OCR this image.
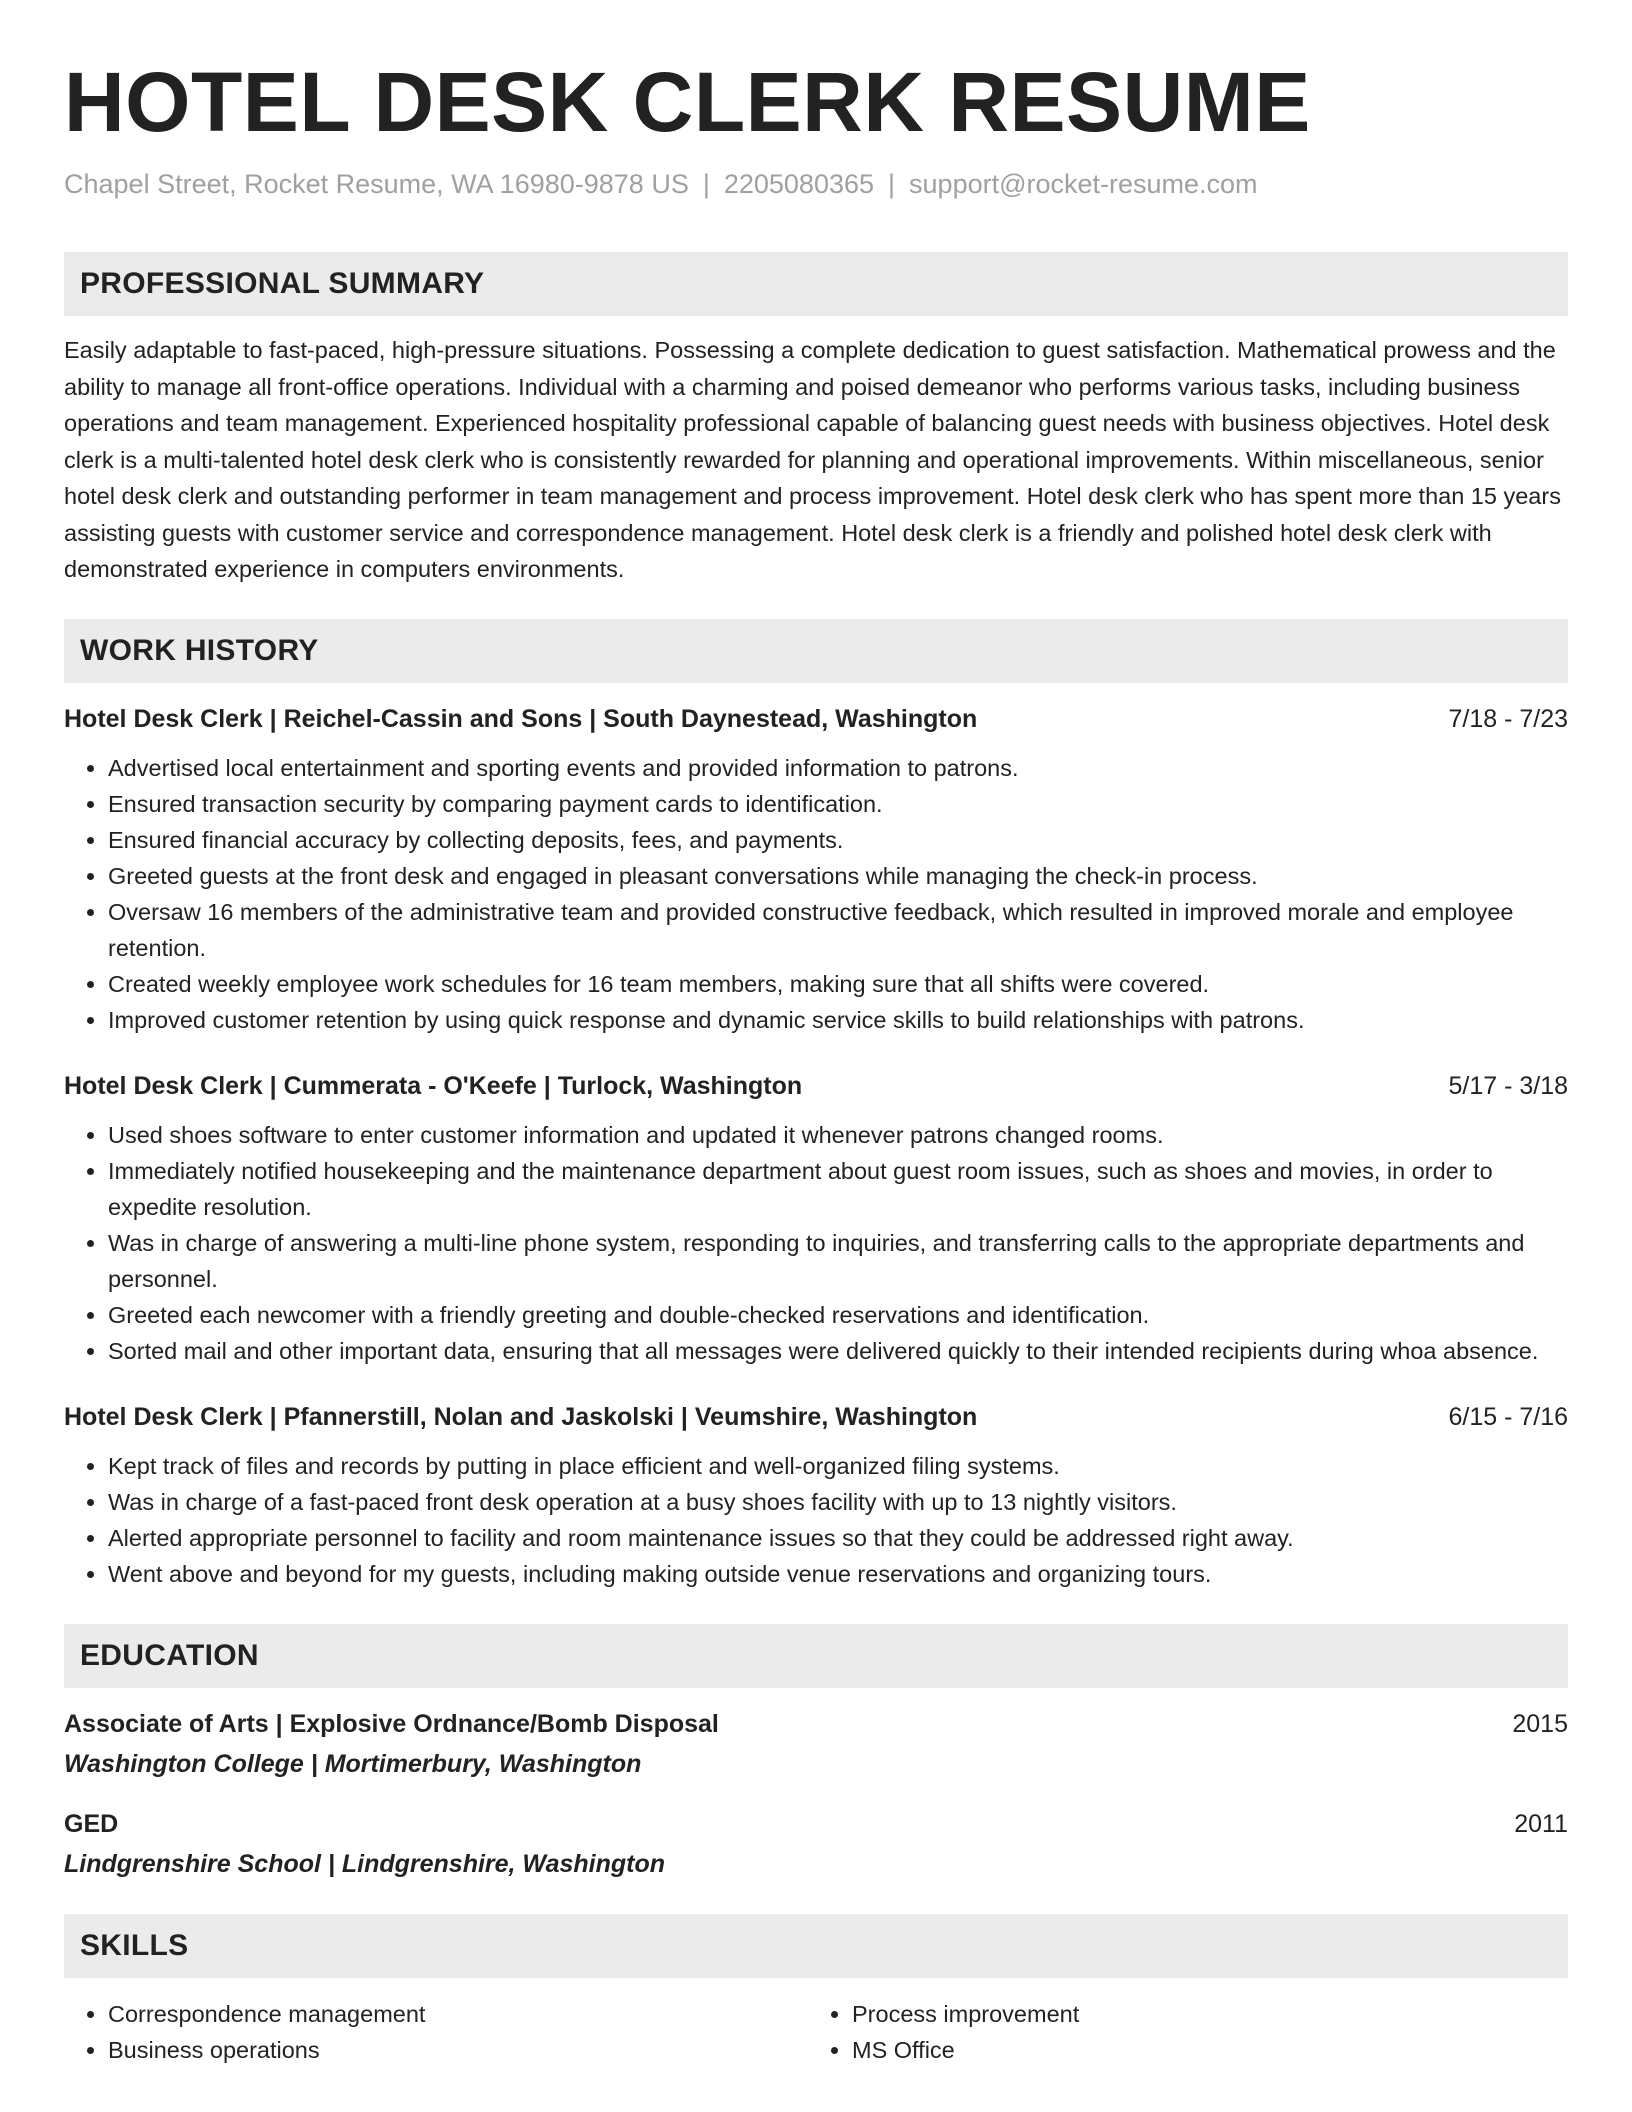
HOTEL DESK CLERK RESUME
Chapel Street, Rocket Resume, WA 16980-9878 US | 2205080365 | support@rocket-resume.com
PROFESSIONAL SUMMARY
Easily adaptable to fast-paced, high-pressure situations. Possessing a complete dedication to guest satisfaction. Mathematical prowess and the ability to manage all front-office operations. Individual with a charming and poised demeanor who performs various tasks, including business operations and team management. Experienced hospitality professional capable of balancing guest needs with business objectives. Hotel desk clerk is a multi-talented hotel desk clerk who is consistently rewarded for planning and operational improvements. Within miscellaneous, senior hotel desk clerk and outstanding performer in team management and process improvement. Hotel desk clerk who has spent more than 15 years assisting guests with customer service and correspondence management. Hotel desk clerk is a friendly and polished hotel desk clerk with demonstrated experience in computers environments.
WORK HISTORY
Hotel Desk Clerk | Reichel-Cassin and Sons | South Daynestead, Washington	7/18 - 7/23
• Advertised local entertainment and sporting events and provided information to patrons.
• Ensured transaction security by comparing payment cards to identification.
• Ensured financial accuracy by collecting deposits, fees, and payments.
• Greeted guests at the front desk and engaged in pleasant conversations while managing the check-in process.
• Oversaw 16 members of the administrative team and provided constructive feedback, which resulted in improved morale and employee retention.
• Created weekly employee work schedules for 16 team members, making sure that all shifts were covered.
• Improved customer retention by using quick response and dynamic service skills to build relationships with patrons.
Hotel Desk Clerk | Cummerata - O'Keefe | Turlock, Washington	5/17 - 3/18
• Used shoes software to enter customer information and updated it whenever patrons changed rooms.
• Immediately notified housekeeping and the maintenance department about guest room issues, such as shoes and movies, in order to expedite resolution.
• Was in charge of answering a multi-line phone system, responding to inquiries, and transferring calls to the appropriate departments and personnel.
• Greeted each newcomer with a friendly greeting and double-checked reservations and identification.
• Sorted mail and other important data, ensuring that all messages were delivered quickly to their intended recipients during whoa absence.
Hotel Desk Clerk | Pfannerstill, Nolan and Jaskolski | Veumshire, Washington	6/15 - 7/16
• Kept track of files and records by putting in place efficient and well-organized filing systems.
• Was in charge of a fast-paced front desk operation at a busy shoes facility with up to 13 nightly visitors.
• Alerted appropriate personnel to facility and room maintenance issues so that they could be addressed right away.
• Went above and beyond for my guests, including making outside venue reservations and organizing tours.
EDUCATION
Associate of Arts | Explosive Ordnance/Bomb Disposal	2015
Washington College | Mortimerbury, Washington
GED	2011
Lindgrenshire School | Lindgrenshire, Washington
SKILLS
• Correspondence management
• Business operations
• Process improvement
• MS Office
